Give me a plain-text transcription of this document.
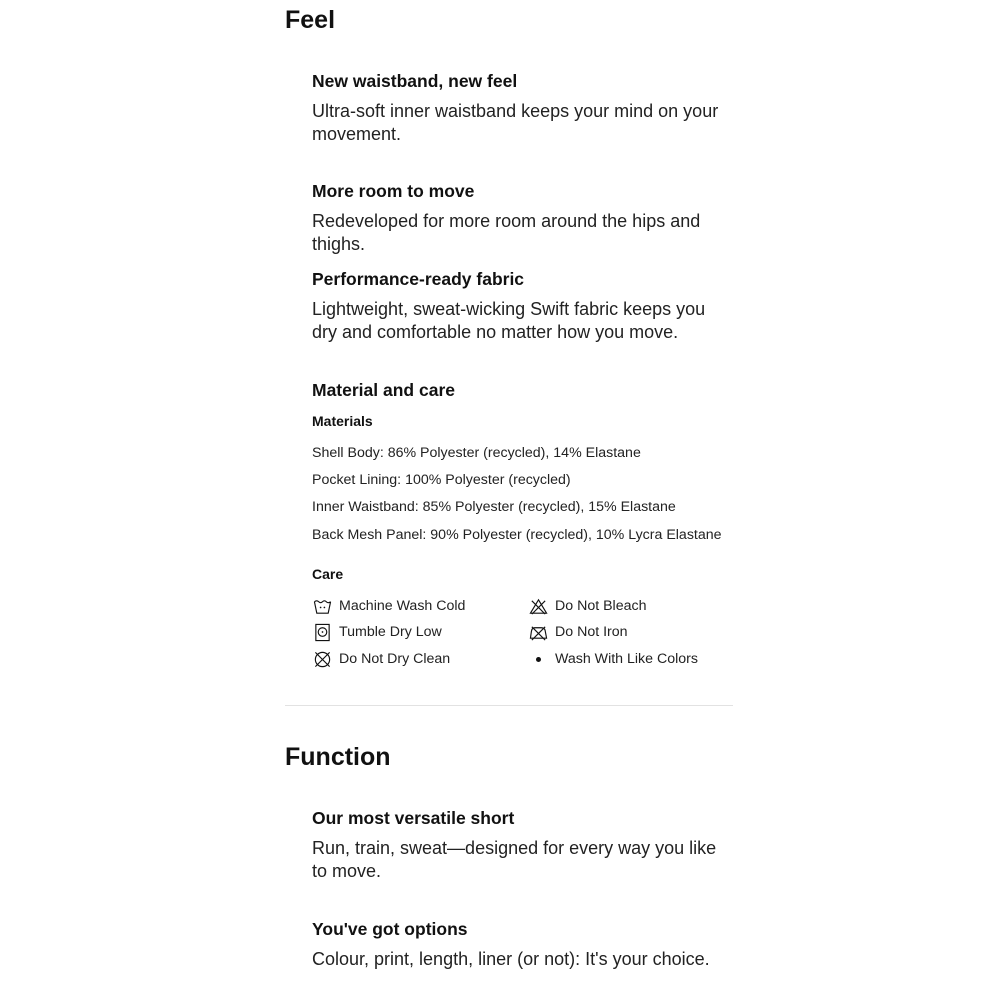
Feel

New waistband, new feel

Ultra-soft inner waistband keeps your mind on your movement.

More room to move

Redeveloped for more room around the hips and thighs.

Performance-ready fabric

Lightweight, sweat-wicking Swift fabric keeps you dry and comfortable no matter how you move.

Material and care

Materials

Shell Body: 86% Polyester (recycled), 14% Elastane
Pocket Lining: 100% Polyester (recycled)
Inner Waistband: 85% Polyester (recycled), 15% Elastane
Back Mesh Panel: 90% Polyester (recycled), 10% Lycra Elastane

Care

Machine Wash Cold	Do Not Bleach
Tumble Dry Low	Do Not Iron
Do Not Dry Clean	Wash With Like Colors
Function

Our most versatile short

Run, train, sweat—designed for every way you like to move.

You've got options

Colour, print, length, liner (or not): It's your choice.
